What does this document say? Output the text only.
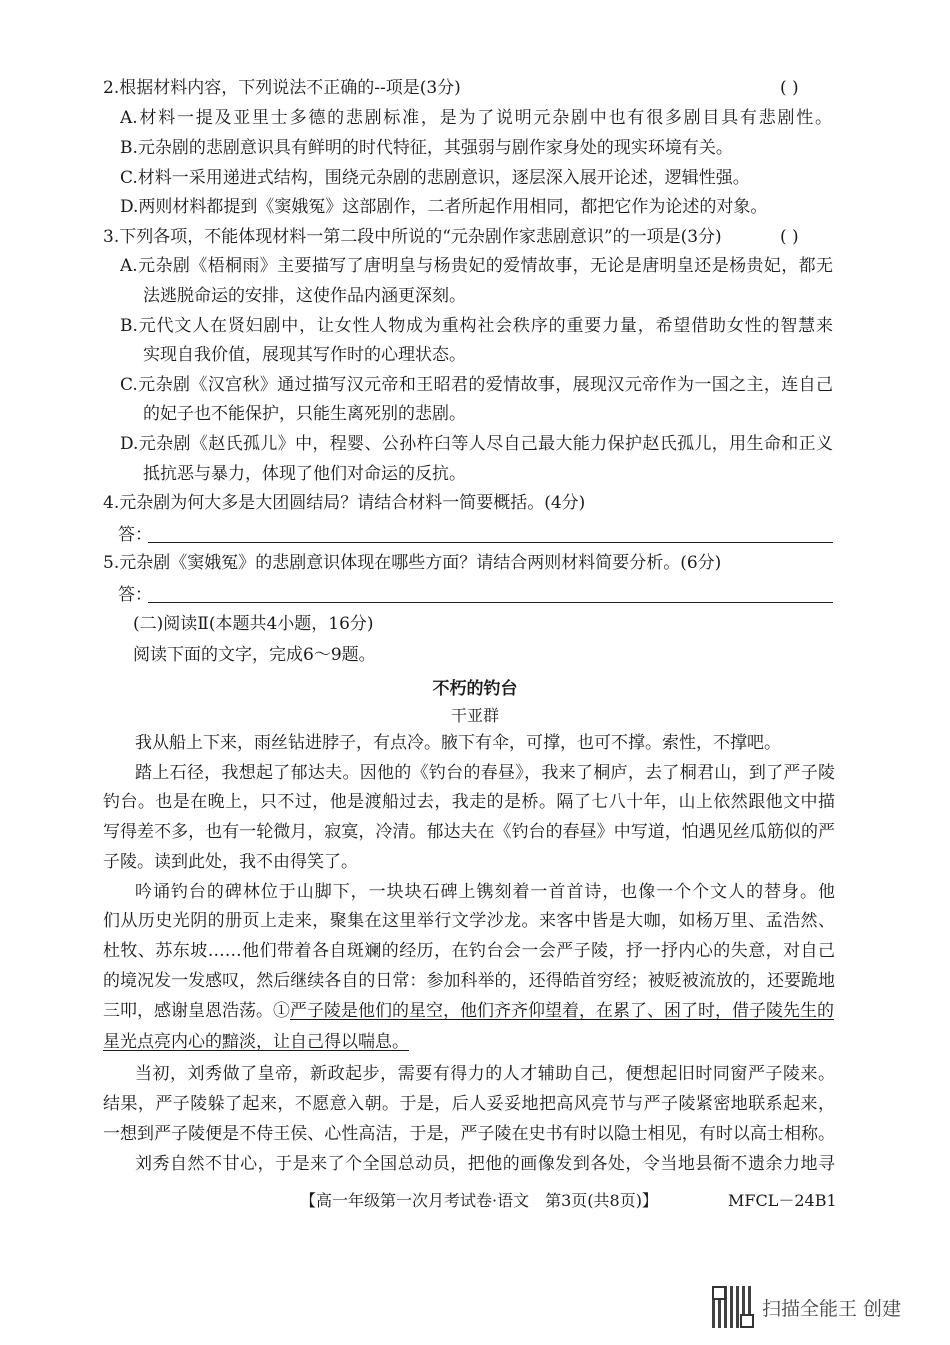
2.根据材料内容，下列说法不正确的--项是(3分)	( )
A.材料一提及亚里士多德的悲剧标准，是为了说明元杂剧中也有很多剧目具有悲剧性。
B.元杂剧的悲剧意识具有鲜明的时代特征，其强弱与剧作家身处的现实环境有关。
C.材料一采用递进式结构，围绕元杂剧的悲剧意识，逐层深入展开论述，逻辑性强。
D.两则材料都提到《窦娥冤》这部剧作，二者所起作用相同，都把它作为论述的对象。
3.下列各项，不能体现材料一第二段中所说的“元杂剧作家悲剧意识”的一项是(3分)	( )
A.元杂剧《梧桐雨》主要描写了唐明皇与杨贵妃的爱情故事，无论是唐明皇还是杨贵妃，都无
法逃脱命运的安排，这使作品内涵更深刻。
B.元代文人在贤妇剧中，让女性人物成为重构社会秩序的重要力量，希望借助女性的智慧来
实现自我价值，展现其写作时的心理状态。
C.元杂剧《汉宫秋》通过描写汉元帝和王昭君的爱情故事，展现汉元帝作为一国之主，连自己
的妃子也不能保护，只能生离死别的悲剧。
D.元杂剧《赵氏孤儿》中，程婴、公孙杵臼等人尽自己最大能力保护赵氏孤儿，用生命和正义
抵抗恶与暴力，体现了他们对命运的反抗。
4.元杂剧为何大多是大团圆结局？请结合材料一简要概括。(4分)
答：
5.元杂剧《窦娥冤》的悲剧意识体现在哪些方面？请结合两则材料简要分析。(6分)
答：
(二)阅读Ⅱ(本题共4小题，16分)
阅读下面的文字，完成6～9题。
不朽的钓台
干亚群
我从船上下来，雨丝钻进脖子，有点冷。腋下有伞，可撑，也可不撑。索性，不撑吧。
踏上石径，我想起了郁达夫。因他的《钓台的春昼》，我来了桐庐，去了桐君山，到了严子陵
钓台。也是在晚上，只不过，他是渡船过去，我走的是桥。隔了七八十年，山上依然跟他文中描
写得差不多，也有一轮微月，寂寞，冷清。郁达夫在《钓台的春昼》中写道，怕遇见丝瓜筋似的严
子陵。读到此处，我不由得笑了。
吟诵钓台的碑林位于山脚下，一块块石碑上镌刻着一首首诗，也像一个个文人的替身。他
们从历史光阴的册页上走来，聚集在这里举行文学沙龙。来客中皆是大咖，如杨万里、孟浩然、
杜牧、苏东坡……他们带着各自斑斓的经历，在钓台会一会严子陵，抒一抒内心的失意，对自己
的境况发一发感叹，然后继续各自的日常：参加科举的，还得皓首穷经；被贬被流放的，还要跪地
三叩，感谢皇恩浩荡。①严子陵是他们的星空，他们齐齐仰望着，在累了、困了时，借子陵先生的
星光点亮内心的黯淡，让自己得以喘息。
当初，刘秀做了皇帝，新政起步，需要有得力的人才辅助自己，便想起旧时同窗严子陵来。
结果，严子陵躲了起来，不愿意入朝。于是，后人妥妥地把高风亮节与严子陵紧密地联系起来，
一想到严子陵便是不侍王侯、心性高洁，于是，严子陵在史书有时以隐士相见，有时以高士相称。
刘秀自然不甘心，于是来了个全国总动员，把他的画像发到各处，令当地县衙不遗余力地寻
【高一年级第一次月考试卷·语文　第3页(共8页)】	MFCL－24B1
扫描全能王 创建
